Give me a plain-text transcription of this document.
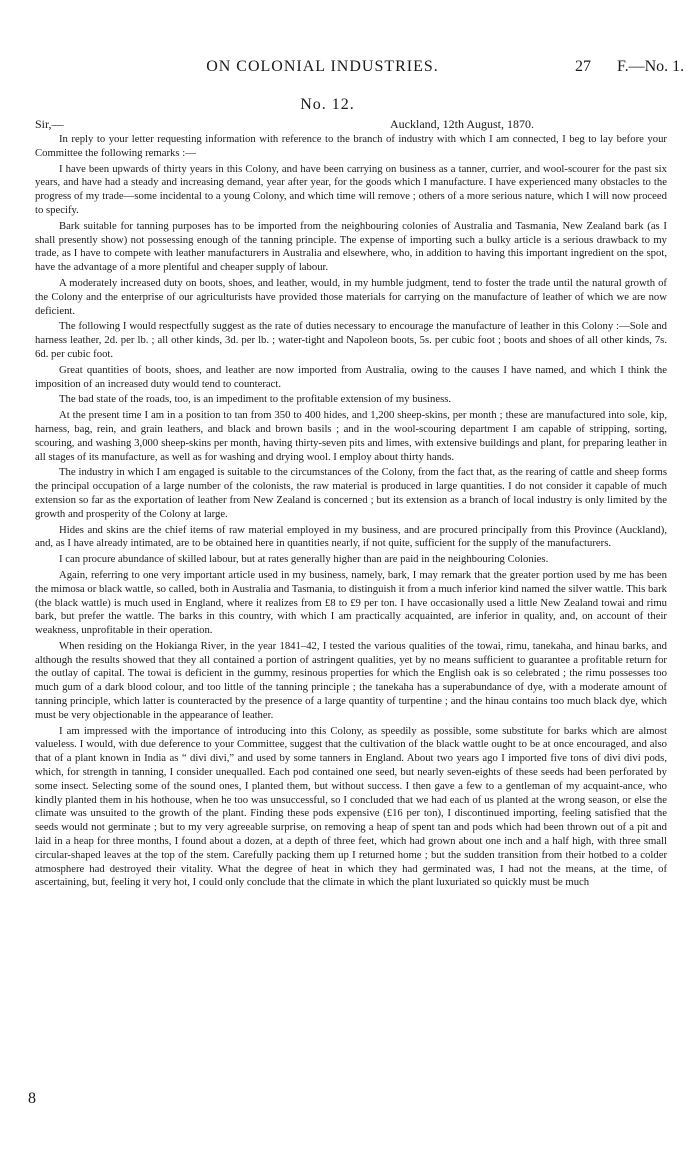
ON COLONIAL INDUSTRIES.	27 F.—No. 1.
No. 12.
Sir,—	Auckland, 12th August, 1870.

In reply to your letter requesting information with reference to the branch of industry with which I am connected, I beg to lay before your Committee the following remarks :—

I have been upwards of thirty years in this Colony, and have been carrying on business as a tanner, currier, and wool-scourer for the past six years, and have had a steady and increasing demand, year after year, for the goods which I manufacture. I have experienced many obstacles to the progress of my trade—some incidental to a young Colony, and which time will remove ; others of a more serious nature, which I will now proceed to specify.

Bark suitable for tanning purposes has to be imported from the neighbouring colonies of Australia and Tasmania, New Zealand bark (as I shall presently show) not possessing enough of the tanning principle. The expense of importing such a bulky article is a serious drawback to my trade, as I have to compete with leather manufacturers in Australia and elsewhere, who, in addition to having this important ingredient on the spot, have the advantage of a more plentiful and cheaper supply of labour.

A moderately increased duty on boots, shoes, and leather, would, in my humble judgment, tend to foster the trade until the natural growth of the Colony and the enterprise of our agriculturists have provided those materials for carrying on the manufacture of leather of which we are now deficient.

The following I would respectfully suggest as the rate of duties necessary to encourage the manufacture of leather in this Colony :—Sole and harness leather, 2d. per lb. ; all other kinds, 3d. per lb. ; water-tight and Napoleon boots, 5s. per cubic foot ; boots and shoes of all other kinds, 7s. 6d. per cubic foot.

Great quantities of boots, shoes, and leather are now imported from Australia, owing to the causes I have named, and which I think the imposition of an increased duty would tend to counteract.

The bad state of the roads, too, is an impediment to the profitable extension of my business.

At the present time I am in a position to tan from 350 to 400 hides, and 1,200 sheep-skins, per month ; these are manufactured into sole, kip, harness, bag, rein, and grain leathers, and black and brown basils ; and in the wool-scouring department I am capable of stripping, sorting, scouring, and washing 3,000 sheep-skins per month, having thirty-seven pits and limes, with extensive buildings and plant, for preparing leather in all stages of its manufacture, as well as for washing and drying wool. I employ about thirty hands.

The industry in which I am engaged is suitable to the circumstances of the Colony, from the fact that, as the rearing of cattle and sheep forms the principal occupation of a large number of the colonists, the raw material is produced in large quantities. I do not consider it capable of much extension so far as the exportation of leather from New Zealand is concerned ; but its extension as a branch of local industry is only limited by the growth and prosperity of the Colony at large.

Hides and skins are the chief items of raw material employed in my business, and are procured principally from this Province (Auckland), and, as I have already intimated, are to be obtained here in quantities nearly, if not quite, sufficient for the supply of the manufacturers.

I can procure abundance of skilled labour, but at rates generally higher than are paid in the neighbouring Colonies.

Again, referring to one very important article used in my business, namely, bark, I may remark that the greater portion used by me has been the mimosa or black wattle, so called, both in Australia and Tasmania, to distinguish it from a much inferior kind named the silver wattle. This bark (the black wattle) is much used in England, where it realizes from £8 to £9 per ton. I have occasionally used a little New Zealand towai and rimu bark, but prefer the wattle. The barks in this country, with which I am practically acquainted, are inferior in quality, and, on account of their weakness, unprofitable in their operation.

When residing on the Hokianga River, in the year 1841–42, I tested the various qualities of the towai, rimu, tanekaha, and hinau barks, and although the results showed that they all contained a portion of astringent qualities, yet by no means sufficient to guarantee a profitable return for the outlay of capital. The towai is deficient in the gummy, resinous properties for which the English oak is so celebrated ; the rimu possesses too much gum of a dark blood colour, and too little of the tanning principle ; the tanekaha has a superabundance of dye, with a moderate amount of tanning principle, which latter is counteracted by the presence of a large quantity of turpentine ; and the hinau contains too much black dye, which must be very objectionable in the appearance of leather.

I am impressed with the importance of introducing into this Colony, as speedily as possible, some substitute for barks which are almost valueless. I would, with due deference to your Committee, suggest that the cultivation of the black wattle ought to be at once encouraged, and also that of a plant known in India as “ divi divi,” and used by some tanners in England. About two years ago I imported five tons of divi divi pods, which, for strength in tanning, I consider unequalled. Each pod contained one seed, but nearly seven-eights of these seeds had been perforated by some insect. Selecting some of the sound ones, I planted them, but without success. I then gave a few to a gentleman of my acquaint-ance, who kindly planted them in his hothouse, when he too was unsuccessful, so I concluded that we had each of us planted at the wrong season, or else the climate was unsuited to the growth of the plant. Finding these pods expensive (£16 per ton), I discontinued importing, feeling satisfied that the seeds would not germinate ; but to my very agreeable surprise, on removing a heap of spent tan and pods which had been thrown out of a pit and laid in a heap for three months, I found about a dozen, at a depth of three feet, which had grown about one inch and a half high, with three small circular-shaped leaves at the top of the stem. Carefully packing them up I returned home ; but the sudden transition from their hotbed to a colder atmosphere had destroyed their vitality. What the degree of heat in which they had germinated was, I had not the means, at the time, of ascertaining, but, feeling it very hot, I could only conclude that the climate in which the plant luxuriated so quickly must be much

8
